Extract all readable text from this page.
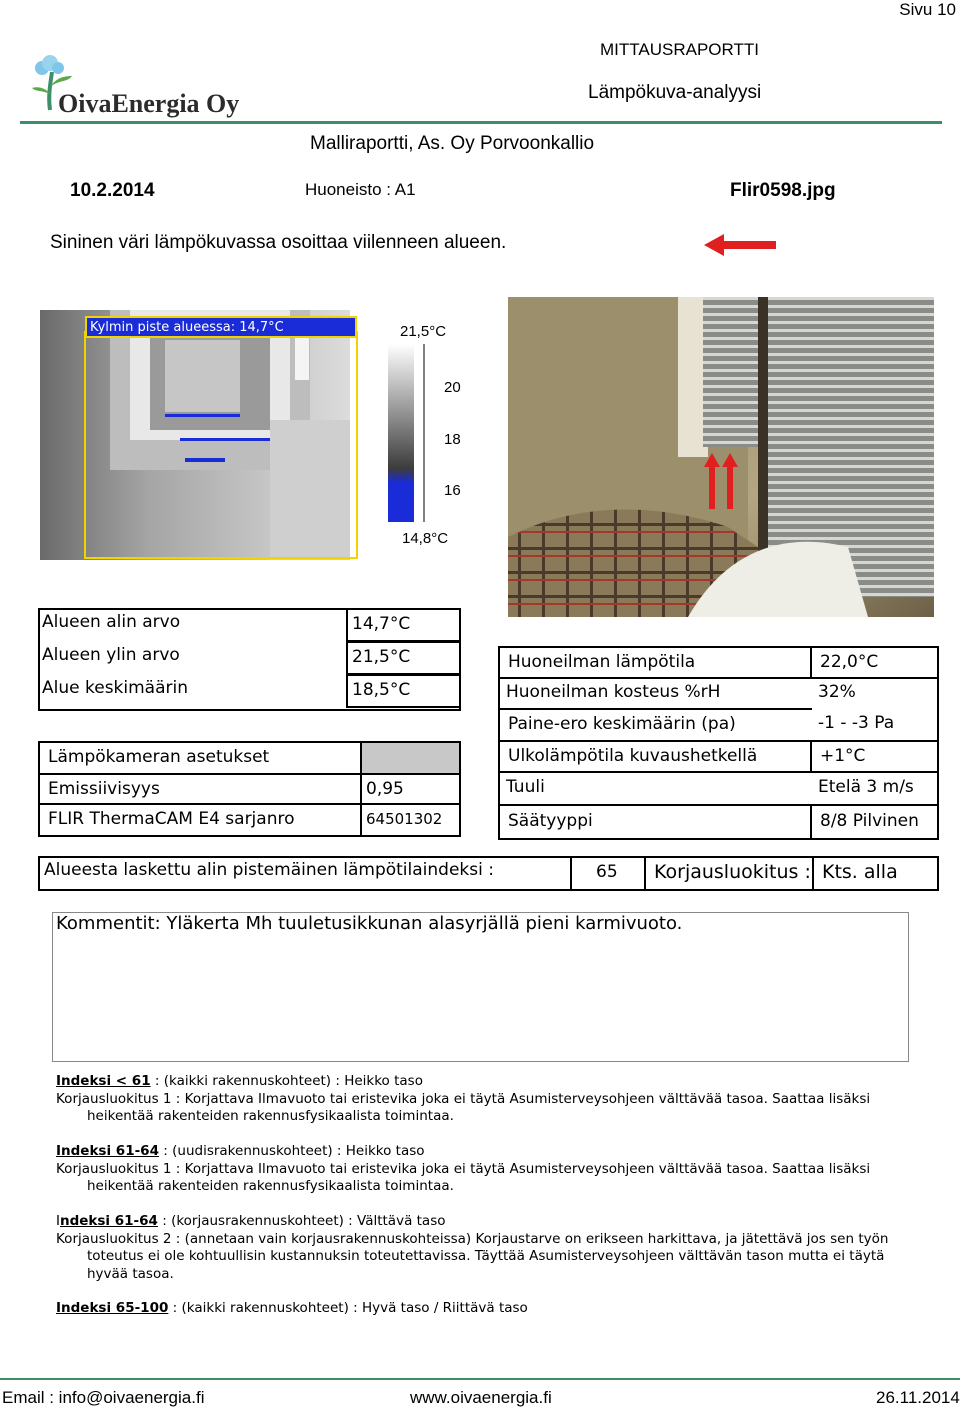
Sivu 10
OivaEnergia Oy
MITTAUSRAPORTTI
Lämpökuva-analyysi
Malliraportti, As. Oy Porvoonkallio
10.2.2014	Huoneisto : A1	Flir0598.jpg
Sininen väri lämpökuvassa osoittaa viilenneen alueen.
Kylmin piste alueessa: 14,7°C	21,5°C
20
18
16
14,8°C
Alueen alin arvo	14,7°C
Alueen ylin arvo	21,5°C
Alue keskimäärin	18,5°C
Lämpökameran asetukset
Emissiivisyys	0,95
FLIR ThermaCAM E4 sarjanro	64501302
Huoneilman lämpötila	22,0°C
Huoneilman kosteus %rH	32%
Paine-ero keskimäärin (pa)	-1 - -3 Pa
Ulkolämpötila kuvaushetkellä	+1°C
Tuuli	Etelä 3 m/s
Säätyyppi	8/8 Pilvinen
Alueesta laskettu alin pistemäinen lämpötilaindeksi :	65	Korjausluokitus : Kts. alla
Kommentit: Yläkerta Mh tuuletusikkunan alasyrjällä pieni karmivuoto.
Indeksi < 61 : (kaikki rakennuskohteet) : Heikko taso
Korjausluokitus 1 : Korjattava Ilmavuoto tai eristevika joka ei täytä Asumisterveysohjeen välttävää tasoa. Saattaa lisäksi
heikentää rakenteiden rakennusfysikaalista toimintaa.
Indeksi 61-64 : (uudisrakennuskohteet) : Heikko taso
Korjausluokitus 1 : Korjattava Ilmavuoto tai eristevika joka ei täytä Asumisterveysohjeen välttävää tasoa. Saattaa lisäksi
heikentää rakenteiden rakennusfysikaalista toimintaa.
Indeksi 61-64 : (korjausrakennuskohteet) : Välttävä taso
Korjausluokitus 2 : (annetaan vain korjausrakennuskohteissa) Korjaustarve on erikseen harkittava, ja jätettävä jos sen työn
toteutus ei ole kohtuullisin kustannuksin toteutettavissa. Täyttää Asumisterveysohjeen välttävän tason mutta ei täytä
hyvää tasoa.
Indeksi 65-100 : (kaikki rakennuskohteet) : Hyvä taso / Riittävä taso
Email : info@oivaenergia.fi	www.oivaenergia.fi	26.11.2014
